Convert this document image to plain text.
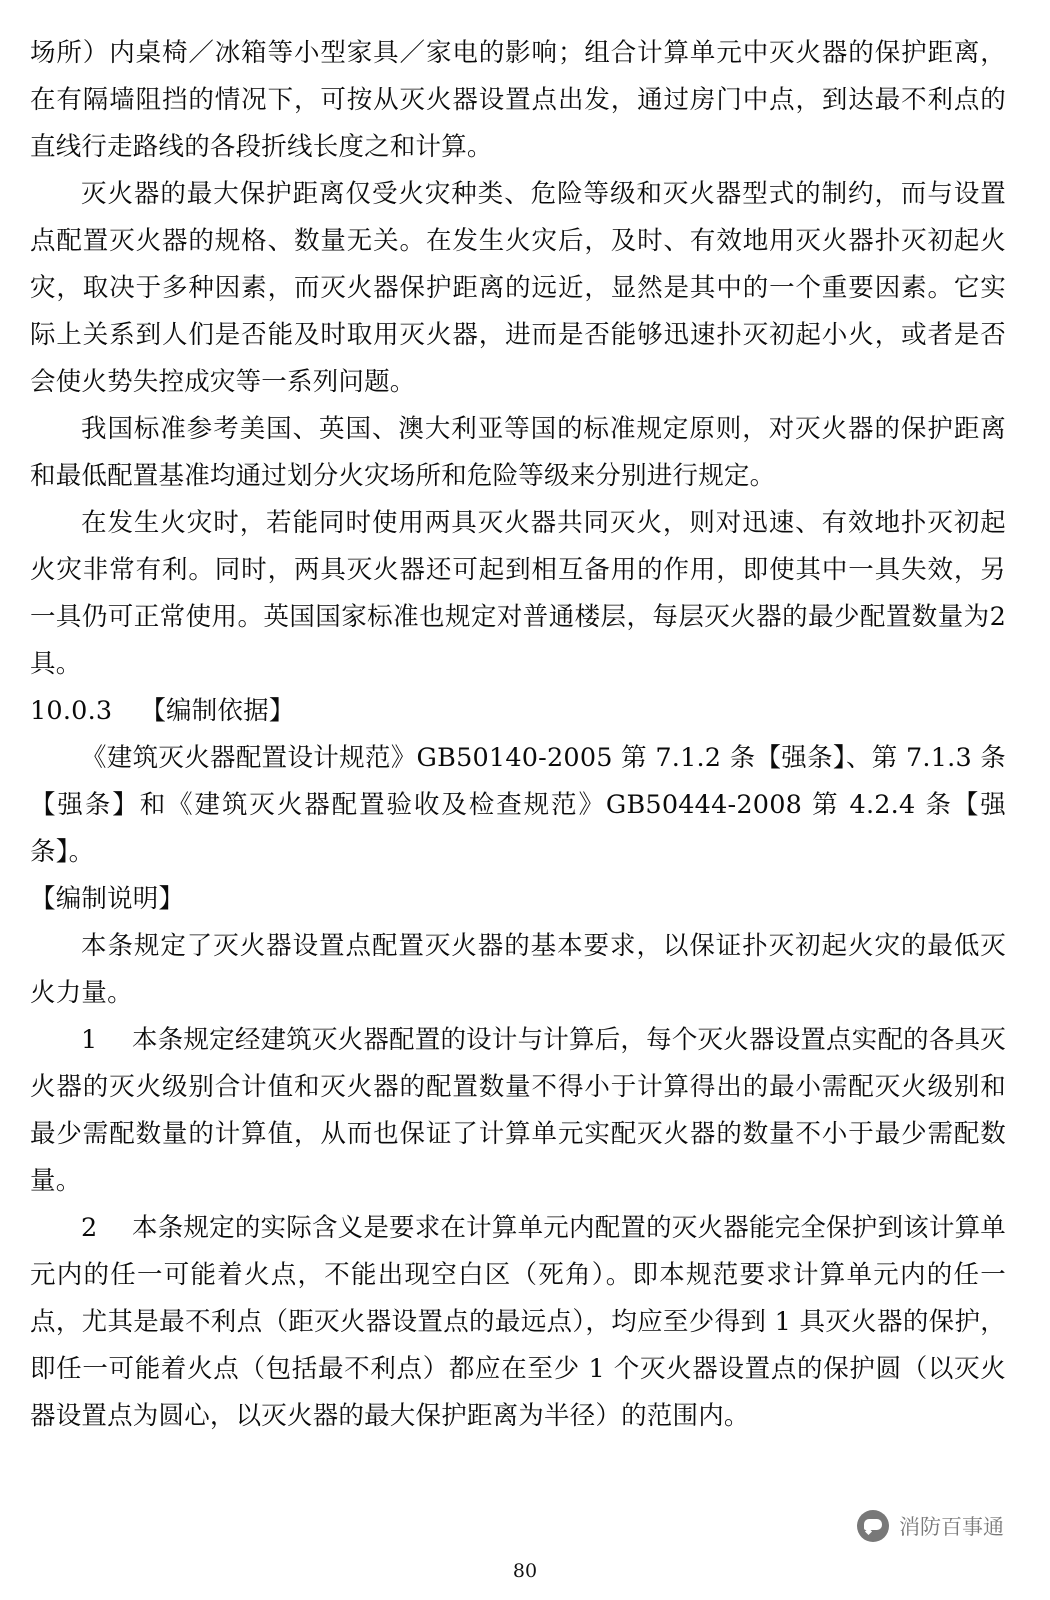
场所）内桌椅／冰箱等小型家具／家电的影响；组合计算单元中灭火器的保护距离，在有隔墙阻挡的情况下，可按从灭火器设置点出发，通过房门中点，到达最不利点的直线行走路线的各段折线长度之和计算。

灭火器的最大保护距离仅受火灾种类、危险等级和灭火器型式的制约，而与设置点配置灭火器的规格、数量无关。在发生火灾后，及时、有效地用灭火器扑灭初起火灾，取决于多种因素，而灭火器保护距离的远近，显然是其中的一个重要因素。它实际上关系到人们是否能及时取用灭火器，进而是否能够迅速扑灭初起小火，或者是否会使火势失控成灾等一系列问题。

我国标准参考美国、英国、澳大利亚等国的标准规定原则，对灭火器的保护距离和最低配置基准均通过划分火灾场所和危险等级来分别进行规定。

在发生火灾时，若能同时使用两具灭火器共同灭火，则对迅速、有效地扑灭初起火灾非常有利。同时，两具灭火器还可起到相互备用的作用，即使其中一具失效，另一具仍可正常使用。英国国家标准也规定对普通楼层，每层灭火器的最少配置数量为2具。

10.0.3 【编制依据】

《建筑灭火器配置设计规范》GB50140-2005 第 7.1.2 条【强条】、第 7.1.3 条【强条】和《建筑灭火器配置验收及检查规范》GB50444-2008 第 4.2.4 条【强条】。

【编制说明】

本条规定了灭火器设置点配置灭火器的基本要求，以保证扑灭初起火灾的最低灭火力量。

1 本条规定经建筑灭火器配置的设计与计算后，每个灭火器设置点实配的各具灭火器的灭火级别合计值和灭火器的配置数量不得小于计算得出的最小需配灭火级别和最少需配数量的计算值，从而也保证了计算单元实配灭火器的数量不小于最少需配数量。

2 本条规定的实际含义是要求在计算单元内配置的灭火器能完全保护到该计算单元内的任一可能着火点，不能出现空白区（死角）。即本规范要求计算单元内的任一点，尤其是最不利点（距灭火器设置点的最远点），均应至少得到 1 具灭火器的保护，即任一可能着火点（包括最不利点）都应在至少 1 个灭火器设置点的保护圆（以灭火器设置点为圆心，以灭火器的最大保护距离为半径）的范围内。

消防百事通
80
